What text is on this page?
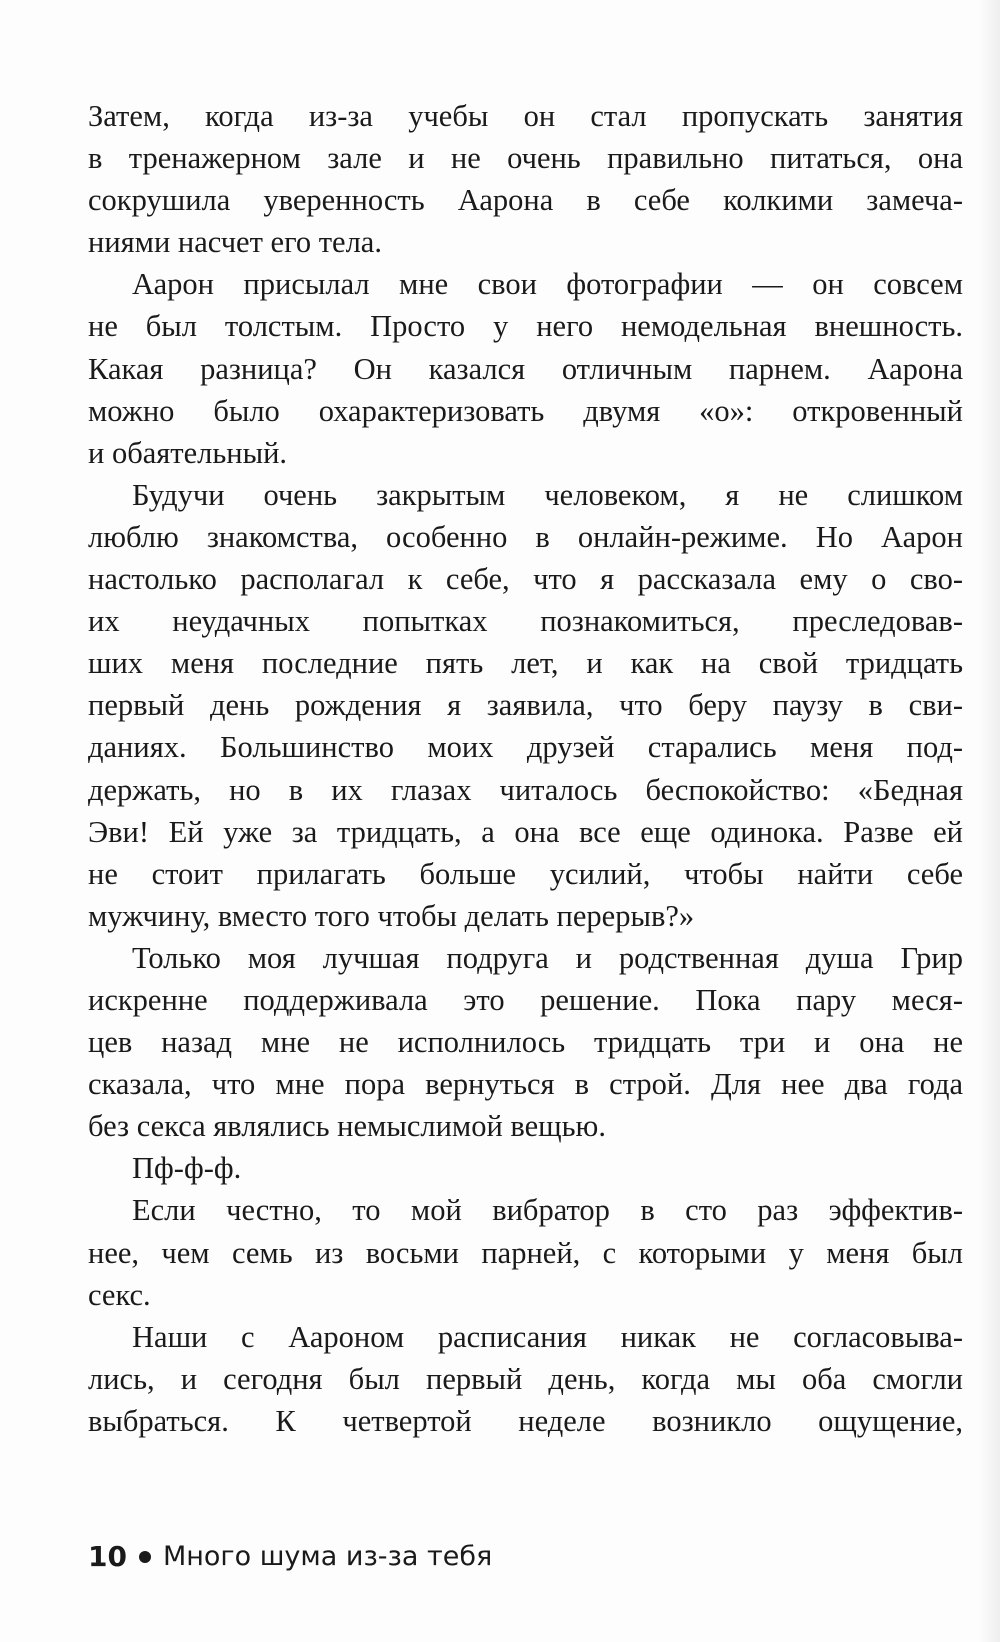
Затем, когда из-за учебы он стал пропускать занятия
в тренажерном зале и не очень правильно питаться, она
сокрушила уверенность Аарона в себе колкими замеча-
ниями насчет его тела.
Аарон присылал мне свои фотографии — он совсем
не был толстым. Просто у него немодельная внешность.
Какая разница? Он казался отличным парнем. Аарона
можно было охарактеризовать двумя «о»: откровенный
и обаятельный.
Будучи очень закрытым человеком, я не слишком
люблю знакомства, особенно в онлайн-режиме. Но Аарон
настолько располагал к себе, что я рассказала ему о сво-
их неудачных попытках познакомиться, преследовав-
ших меня последние пять лет, и как на свой тридцать
первый день рождения я заявила, что беру паузу в сви-
даниях. Большинство моих друзей старались меня под-
держать, но в их глазах читалось беспокойство: «Бедная
Эви! Ей уже за тридцать, а она все еще одинока. Разве ей
не стоит прилагать больше усилий, чтобы найти себе
мужчину, вместо того чтобы делать перерыв?»
Только моя лучшая подруга и родственная душа Грир
искренне поддерживала это решение. Пока пару меся-
цев назад мне не исполнилось тридцать три и она не
сказала, что мне пора вернуться в строй. Для нее два года
без секса являлись немыслимой вещью.
Пф-ф-ф.
Если честно, то мой вибратор в сто раз эффектив-
нее, чем семь из восьми парней, с которыми у меня был
секс.
Наши с Аароном расписания никак не согласовыва-
лись, и сегодня был первый день, когда мы оба смогли
выбраться. К четвертой неделе возникло ощущение,
10 Много шума из-за тебя
